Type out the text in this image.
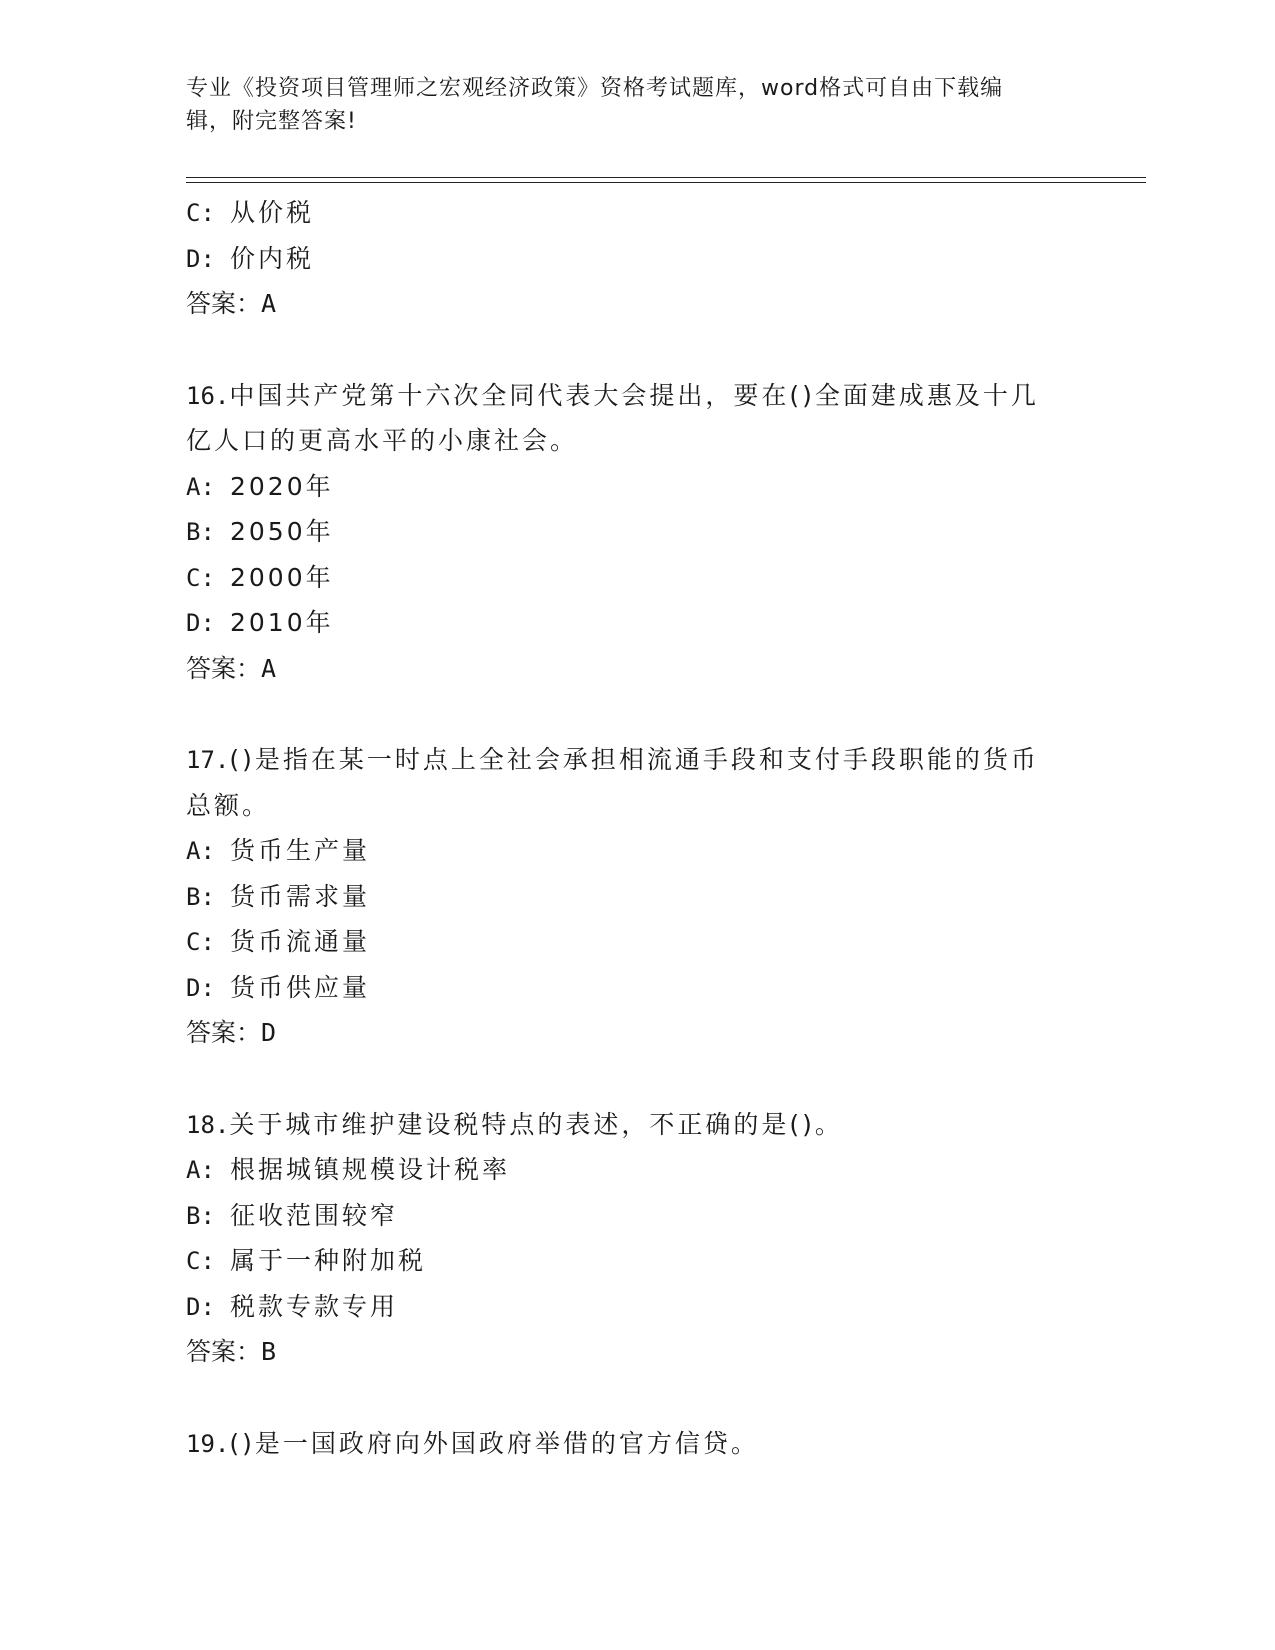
专业《投资项目管理师之宏观经济政策》资格考试题库，word格式可自由下载编
辑，附完整答案!
C: 从价税
D: 价内税
答案：A
16.中国共产党第十六次全同代表大会提出，要在()全面建成惠及十几
亿人口的更高水平的小康社会。
A: 2020年
B: 2050年
C: 2000年
D: 2010年
答案：A
17.()是指在某一时点上全社会承担相流通手段和支付手段职能的货币
总额。
A: 货币生产量
B: 货币需求量
C: 货币流通量
D: 货币供应量
答案：D
18.关于城市维护建设税特点的表述，不正确的是()。
A: 根据城镇规模设计税率
B: 征收范围较窄
C: 属于一种附加税
D: 税款专款专用
答案：B
19.()是一国政府向外国政府举借的官方信贷。
